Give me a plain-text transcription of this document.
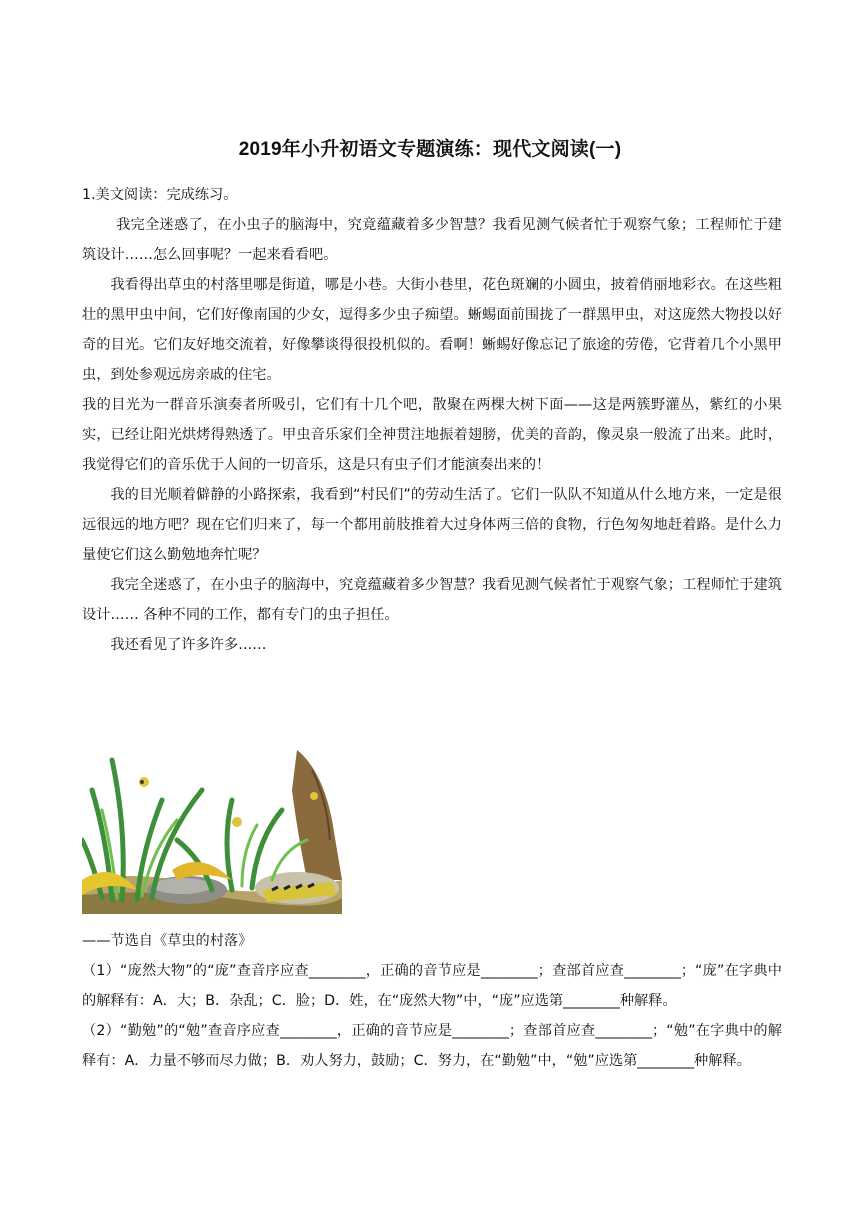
2019年小升初语文专题演练：现代文阅读(一)

1.美文阅读：完成练习。

我完全迷惑了，在小虫子的脑海中，究竟蕴藏着多少智慧？我看见测气候者忙于观察气象；工程师忙于建筑设计……怎么回事呢？一起来看看吧。

我看得出草虫的村落里哪是街道，哪是小巷。大街小巷里，花色斑斓的小圆虫，披着俏丽地彩衣。在这些粗壮的黑甲虫中间，它们好像南国的少女，逗得多少虫子痴望。蜥蜴面前围拢了一群黑甲虫，对这庞然大物投以好奇的目光。它们友好地交流着，好像攀谈得很投机似的。看啊！蜥蜴好像忘记了旅途的劳倦，它背着几个小黑甲虫，到处参观远房亲戚的住宅。

我的目光为一群音乐演奏者所吸引，它们有十几个吧，散聚在两棵大树下面——这是两簇野灌丛，紫红的小果实，已经让阳光烘烤得熟透了。甲虫音乐家们全神贯注地振着翅膀，优美的音韵，像灵泉一般流了出来。此时，我觉得它们的音乐优于人间的一切音乐，这是只有虫子们才能演奏出来的！

我的目光顺着僻静的小路探索，我看到“村民们”的劳动生活了。它们一队队不知道从什么地方来，一定是很远很远的地方吧？现在它们归来了，每一个都用前肢推着大过身体两三倍的食物，行色匆匆地赶着路。是什么力量使它们这么勤勉地奔忙呢？

我完全迷惑了，在小虫子的脑海中，究竟蕴藏着多少智慧？我看见测气候者忙于观察气象；工程师忙于建筑设计…… 各种不同的工作，都有专门的虫子担任。

我还看见了许多许多……

——节选自《草虫的村落》

（1）“庞然大物”的“庞”查音序应查________，正确的音节应是________；查部首应查________；“庞”在字典中的解释有：A．大；B．杂乱；C．脸；D．姓，在“庞然大物”中，“庞”应选第________种解释。

（2）“勤勉”的“勉”查音序应查________，正确的音节应是________；查部首应查________；“勉”在字典中的解释有：A．力量不够而尽力做；B．劝人努力，鼓励；C．努力，在“勤勉”中，“勉”应选第________种解释。
